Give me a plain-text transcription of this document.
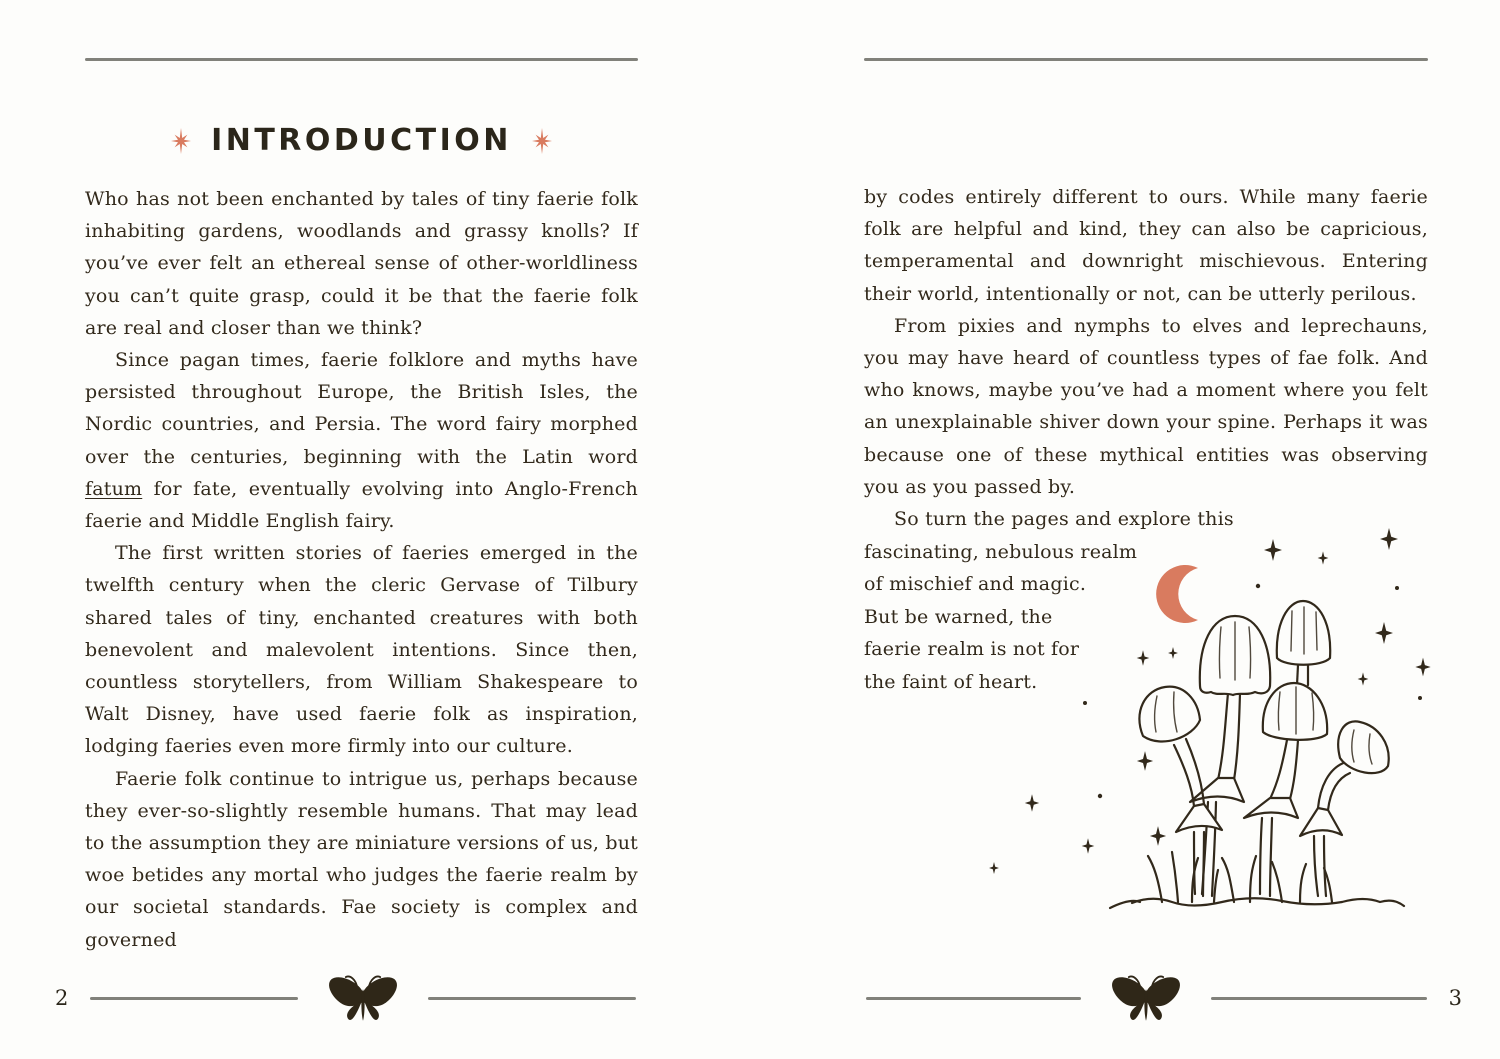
INTRODUCTION

Who has not been enchanted by tales of tiny faerie folk inhabiting gardens, woodlands and grassy knolls? If you’ve ever felt an ethereal sense of other-worldliness you can’t quite grasp, could it be that the faerie folk are real and closer than we think?

Since pagan times, faerie folklore and myths have persisted throughout Europe, the British Isles, the Nordic countries, and Persia. The word fairy morphed over the centuries, beginning with the Latin word fatum for fate, eventually evolving into Anglo-French faerie and Middle English fairy.

The first written stories of faeries emerged in the twelfth century when the cleric Gervase of Tilbury shared tales of tiny, enchanted creatures with both benevolent and malevolent intentions. Since then, countless storytellers, from William Shakespeare to Walt Disney, have used faerie folk as inspiration, lodging faeries even more firmly into our culture.

Faerie folk continue to intrigue us, perhaps because they ever-so-slightly resemble humans. That may lead to the assumption they are miniature versions of us, but woe betides any mortal who judges the faerie realm by our societal standards. Fae society is complex and governed

2

by codes entirely different to ours. While many faerie folk are helpful and kind, they can also be capricious, temperamental and downright mischievous. Entering their world, intentionally or not, can be utterly perilous.

From pixies and nymphs to elves and leprechauns, you may have heard of countless types of fae folk. And who knows, maybe you’ve had a moment where you felt an unexplainable shiver down your spine. Perhaps it was because one of these mythical entities was observing you as you passed by.

So turn the pages and explore this
fascinating, nebulous realm
of mischief and magic.
But be warned, the
faerie realm is not for
the faint of heart.

3
